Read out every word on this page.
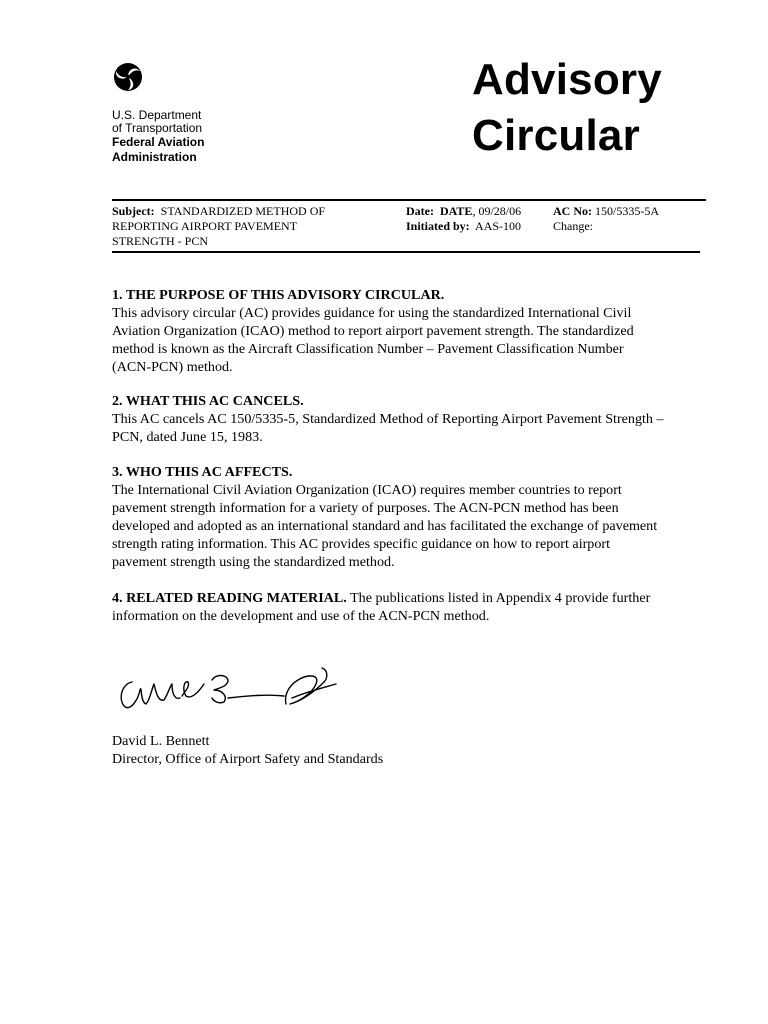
U.S. Department
of Transportation
Federal Aviation
Administration
Advisory
Circular
Subject: STANDARDIZED METHOD OF
REPORTING AIRPORT PAVEMENT
STRENGTH - PCN
Date: DATE, 09/28/06
Initiated by: AAS-100
AC No: 150/5335-5A
Change:
1. THE PURPOSE OF THIS ADVISORY CIRCULAR.
This advisory circular (AC) provides guidance for using the standardized International Civil
Aviation Organization (ICAO) method to report airport pavement strength. The standardized
method is known as the Aircraft Classification Number – Pavement Classification Number
(ACN-PCN) method.
2. WHAT THIS AC CANCELS.
This AC cancels AC 150/5335-5, Standardized Method of Reporting Airport Pavement Strength –
PCN, dated June 15, 1983.
3. WHO THIS AC AFFECTS.
The International Civil Aviation Organization (ICAO) requires member countries to report
pavement strength information for a variety of purposes. The ACN-PCN method has been
developed and adopted as an international standard and has facilitated the exchange of pavement
strength rating information. This AC provides specific guidance on how to report airport
pavement strength using the standardized method.
4. RELATED READING MATERIAL. The publications listed in Appendix 4 provide further
information on the development and use of the ACN-PCN method.
David L. Bennett
Director, Office of Airport Safety and Standards
